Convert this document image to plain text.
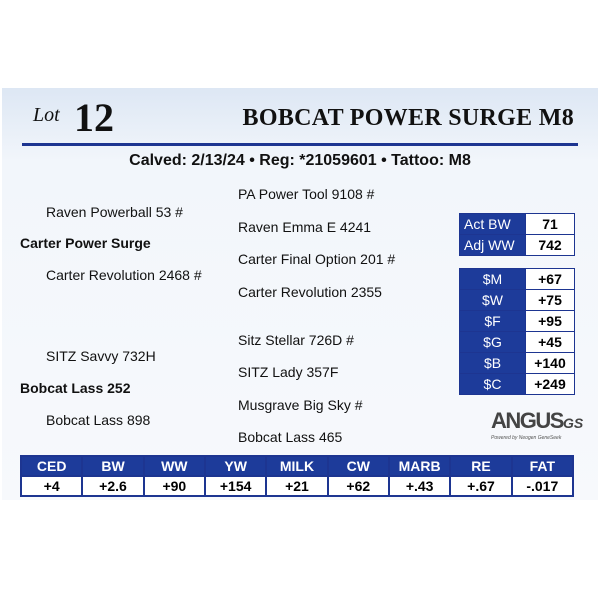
Lot 12	BOBCAT POWER SURGE M8
Calved: 2/13/24 • Reg: *21059601 • Tattoo: M8
PA Power Tool 9108 #
Raven Powerball 53 #
Raven Emma E 4241
Carter Power Surge
Carter Final Option 201 #
Carter Revolution 2468 #
Carter Revolution 2355
Sitz Stellar 726D #
SITZ Savvy 732H
SITZ Lady 357F
Bobcat Lass 252
Musgrave Big Sky #
Bobcat Lass 898
Bobcat Lass 465
Act BW	71
Adj WW	742
$M	+67
$W	+75
$F	+95
$G	+45
$B	+140
$C	+249
ANGUSGS
Powered by Neogen GeneSeek
CED	BW	WW	YW	MILK	CW	MARB	RE	FAT
+4	+2.6	+90	+154	+21	+62	+.43	+.67	-.017
